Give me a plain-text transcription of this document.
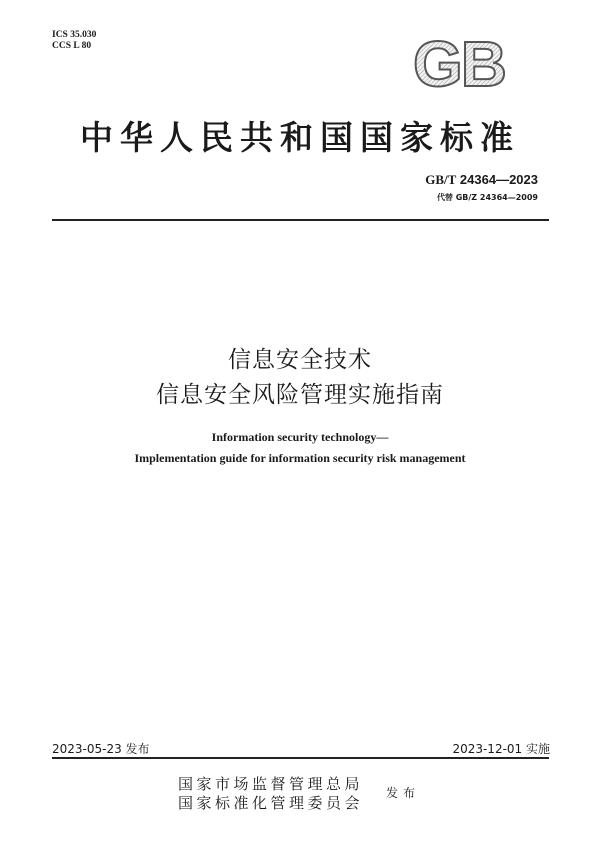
ICS 35.030
CCS L 80	GB
中华人民共和国国家标准
GB/T 24364—2023
代替 GB/Z 24364—2009
信息安全技术
信息安全风险管理实施指南
Information security technology—
Implementation guide for information security risk management
2023-05-23 发布	2023-12-01 实施
国家市场监督管理总局
国家标准化管理委员会
发布
